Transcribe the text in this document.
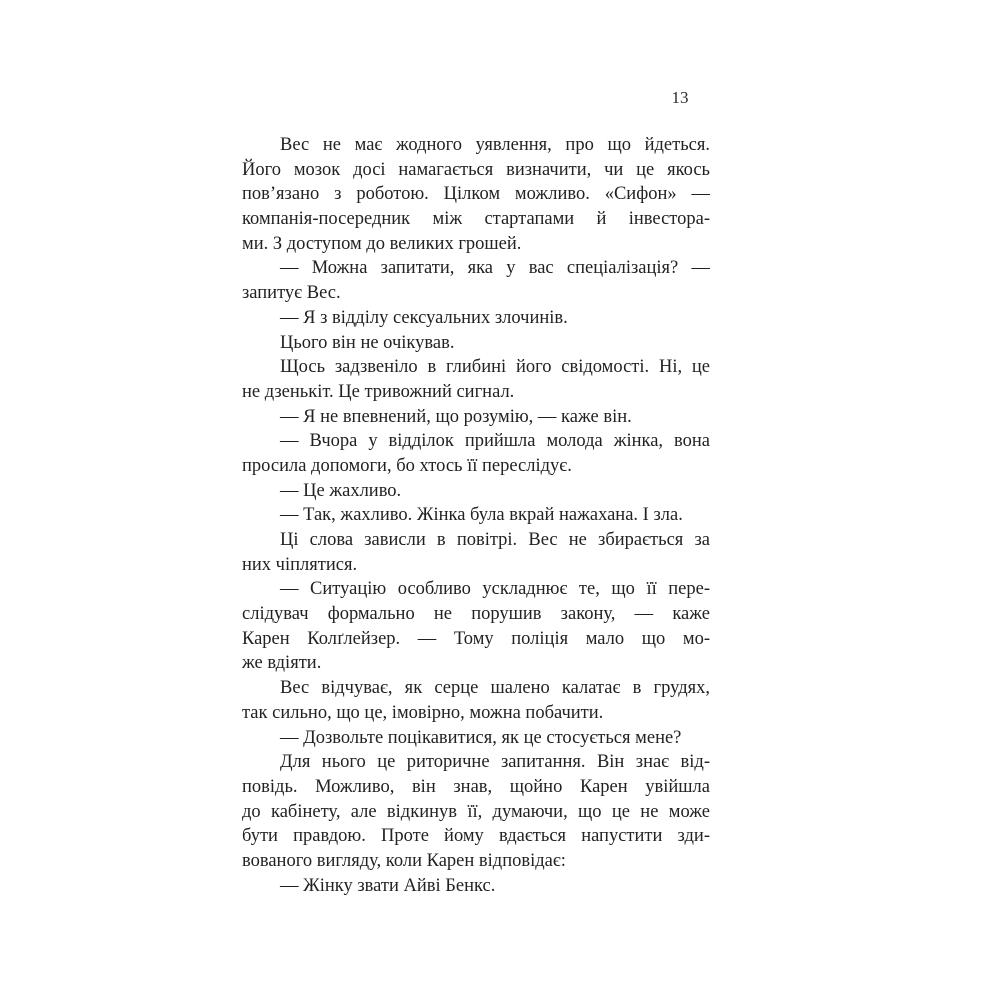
13
Вес не має жодного уявлення, про що йдеться.
Його мозок досі намагається визначити, чи це якось
пов’язано з роботою. Цілком можливо. «Сифон» —
компанія-посередник між стартапами й інвестора-
ми. З доступом до великих грошей.
— Можна запитати, яка у вас спеціалізація? —
запитує Вес.
— Я з відділу сексуальних злочинів.
Цього він не очікував.
Щось задзвеніло в глибині його свідомості. Ні, це
не дзенькіт. Це тривожний сигнал.
— Я не впевнений, що розумію, — каже він.
— Вчора у відділок прийшла молода жінка, вона
просила допомоги, бо хтось її переслідує.
— Це жахливо.
— Так, жахливо. Жінка була вкрай нажахана. І зла.
Ці слова зависли в повітрі. Вес не збирається за
них чіплятися.
— Ситуацію особливо ускладнює те, що її пере-
слідувач формально не порушив закону, — каже
Карен Колґлейзер. — Тому поліція мало що мо-
же вдіяти.
Вес відчуває, як серце шалено калатає в грудях,
так сильно, що це, імовірно, можна побачити.
— Дозвольте поцікавитися, як це стосується мене?
Для нього це риторичне запитання. Він знає від-
повідь. Можливо, він знав, щойно Карен увійшла
до кабінету, але відкинув її, думаючи, що це не може
бути правдою. Проте йому вдається напустити зди-
вованого вигляду, коли Карен відповідає:
— Жінку звати Айві Бенкс.
